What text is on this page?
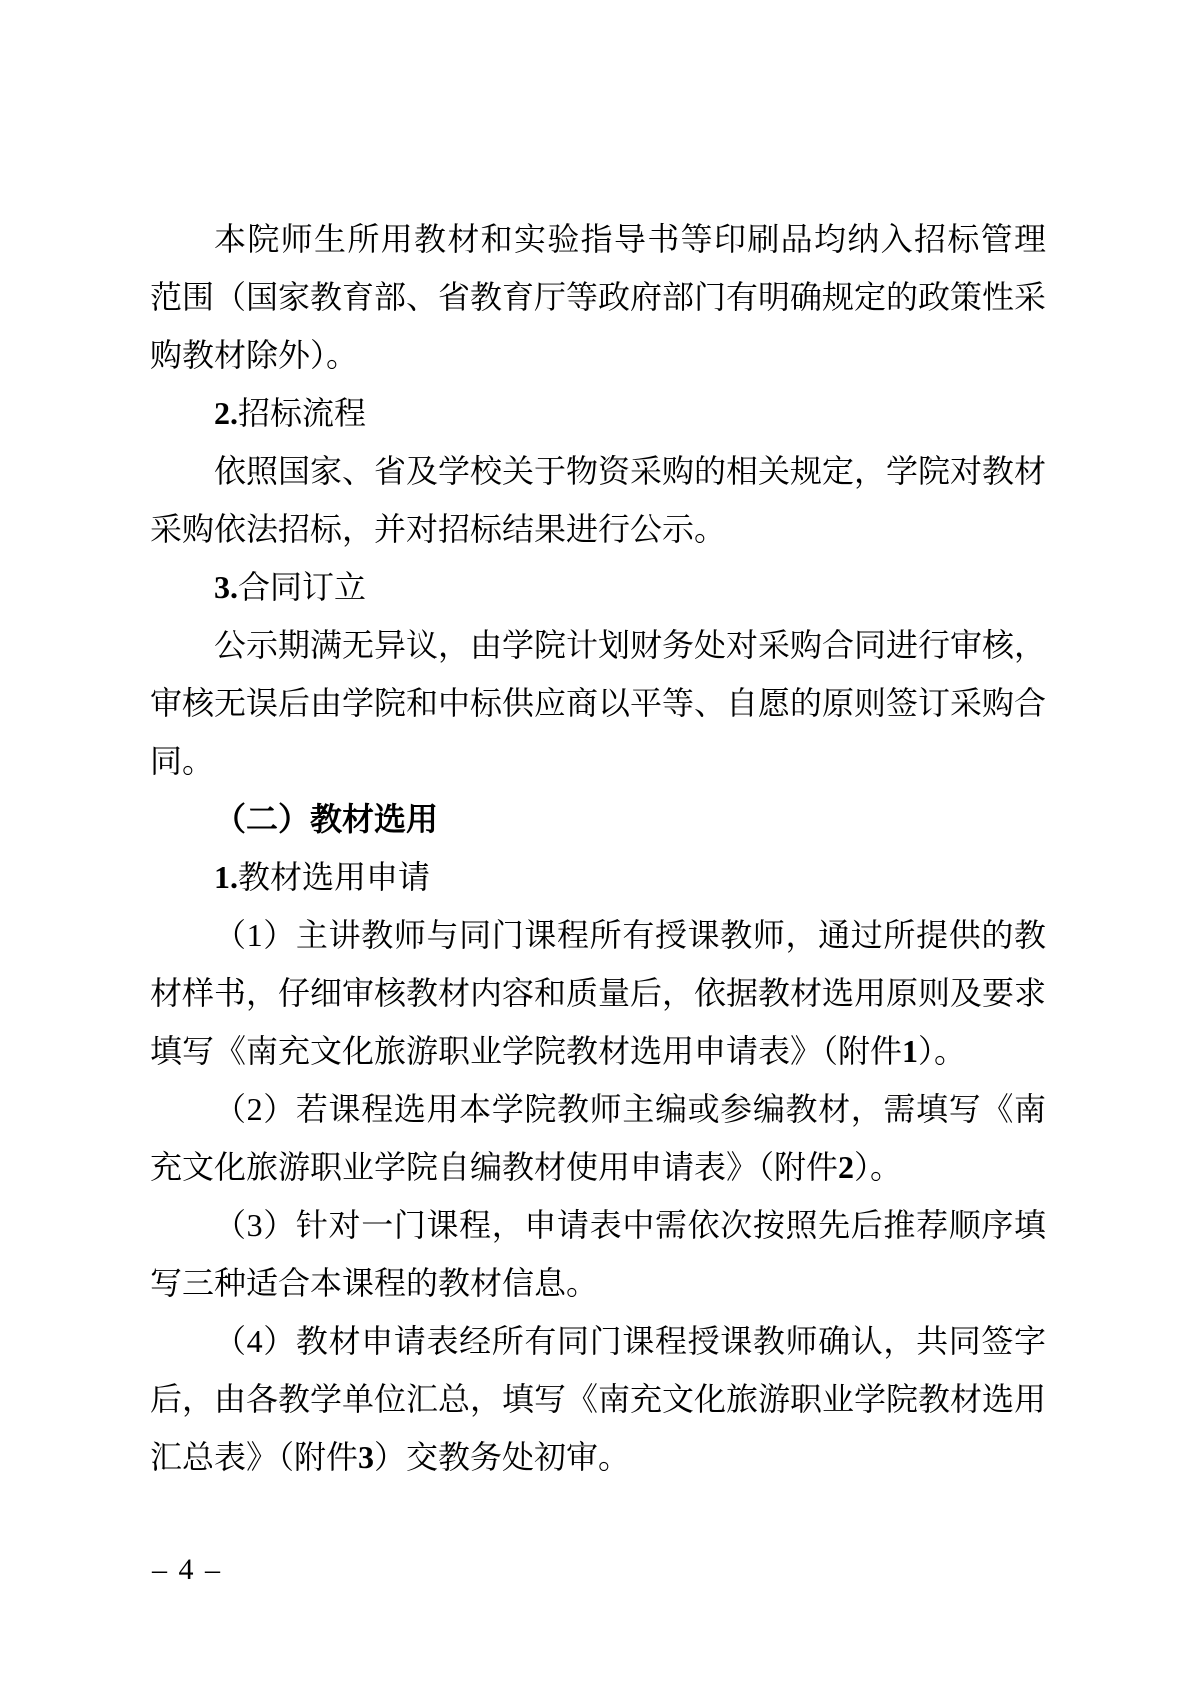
本院师生所用教材和实验指导书等印刷品均纳入招标管理
范围（国家教育部、省教育厅等政府部门有明确规定的政策性采
购教材除外）。
2.招标流程
依照国家、省及学校关于物资采购的相关规定，学院对教材
采购依法招标，并对招标结果进行公示。
3.合同订立
公示期满无异议，由学院计划财务处对采购合同进行审核，
审核无误后由学院和中标供应商以平等、自愿的原则签订采购合
同。
（二）教材选用
1.教材选用申请
（1）主讲教师与同门课程所有授课教师，通过所提供的教
材样书，仔细审核教材内容和质量后，依据教材选用原则及要求
填写《南充文化旅游职业学院教材选用申请表》（附件1）。
（2）若课程选用本学院教师主编或参编教材，需填写《南
充文化旅游职业学院自编教材使用申请表》（附件2）。
（3）针对一门课程，申请表中需依次按照先后推荐顺序填
写三种适合本课程的教材信息。
（4）教材申请表经所有同门课程授课教师确认，共同签字
后，由各教学单位汇总，填写《南充文化旅游职业学院教材选用
汇总表》（附件3）交教务处初审。
– 4 –
